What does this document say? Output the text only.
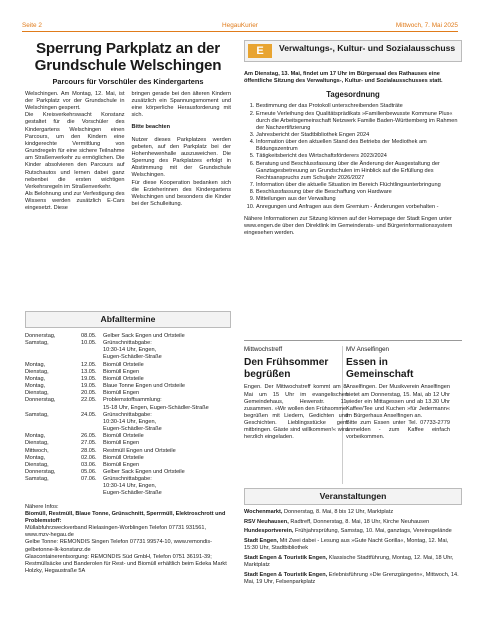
Seite 2	HegauKurier	Mittwoch, 7. Mai 2025
Sperrung Parkplatz an der Grundschule Welschingen
Parcours für Vorschüler des Kindergartens

Welschingen. Am Montag, 12. Mai, ist der Parkplatz vor der Grundschule in Welschingen gesperrt.

Die Kreisverkehrswacht Konstanz gestaltet für die Vorschüler des Kindergartens Welschingen einen Parcours, um den Kindern eine kindgerechte Vermittlung von Grundregeln für eine sichere Teilnahme am Straßenverkehr zu ermöglichen. Die Kinder absolvieren den Parcours auf Rutschautos und lernen dabei ganz nebenbei die ersten wichtigen Verkehrsregeln im Straßenverkehr.

Als Belohnung und zur Verfestigung des Wissens werden zusätzlich E-Cars eingesetzt. Diese

bringen gerade bei den älteren Kindern zusätzlich ein Spannungsmoment und eine körperliche Herausforderung mit sich.

Bitte beachten

Nutzer dieses Parkplatzes werden gebeten, auf den Parkplatz bei der Hohenhewenhalle auszuweichen. Die Sperrung des Parkplatzes erfolgt in Abstimmung mit der Grundschule Welschingen.

Für diese Kooperation bedanken sich die Erzieherinnen des Kindergartens Welschingen und besonders die Kinder bei der Schulleitung.

Abfalltermine
Donnerstag,	08.05.	Gelber Sack Engen und Ortsteile
Samstag,	10.05.	Grünschnittabgabe:
10:30-14 Uhr, Engen,
Eugen-Schädler-Straße
Montag,	12.05.	Biomüll Ortsteile
Dienstag,	13.05.	Biomüll Engen
Montag,	19.05.	Biomüll Ortsteile
Montag,	19.05.	Blaue Tonne Engen und Ortsteile
Dienstag,	20.05.	Biomüll Engen
Donnerstag,	22.05.	Problemstoffsammlung:
15-18 Uhr, Engen, Eugen-Schädler-Straße
Samstag,	24.05.	Grünschnittabgabe:
10:30-14 Uhr, Engen,
Eugen-Schädler-Straße
Montag,	26.05.	Biomüll Ortsteile
Dienstag,	27.05.	Biomüll Engen
Mittwoch,	28.05.	Restmüll Engen und Ortsteile
Montag,	02.06.	Biomüll Ortsteile
Dienstag,	03.06.	Biomüll Engen
Donnerstag,	05.06.	Gelber Sack Engen und Ortsteile
Samstag,	07.06.	Grünschnittabgabe:
10:30-14 Uhr, Engen,
Eugen-Schädler-Straße

Nähere Infos:

Biomüll, Restmüll, Blaue Tonne, Grünschnitt, Sperrmüll, Elektroschrott und Problemstoff:

Müllabfuhrzweckverband Rielasingen-Worblingen Telefon 07731 931561, www.mzv-hegau.de

Gelbe Tonne: REMONDIS Singen Telefon 07731 99574-10, www.remondis-gelbetonne-lk-konstanz.de

Glascontainerentsorgung: REMONDIS Süd GmbH, Telefon 0751 36191-39; Restmüllsäcke und Banderolen für Rest- und Biomüll erhältlich beim Edeka Markt Holzky, Hegaustraße 5A

E	Verwaltungs-, Kultur- und Sozialausschuss

Am Dienstag, 13. Mai, findet um 17 Uhr im Bürgersaal des Rathauses eine öffentliche Sitzung des Verwaltungs-, Kultur- und Sozialausschusses statt.

Tagesordnung
1. Bestimmung der das Protokoll unterschreibenden Stadträte
2. Erneute Verleihung des Qualitätsprädikats »Familienbewusste Kommune Plus« durch die Arbeitsgemeinschaft Netzwerk Familie Baden-Württemberg im Rahmen der Nachzertifizierung
3. Jahresbericht der Stadtbibliothek Engen 2024
4. Information über den aktuellen Stand des Betriebs der Mediothek am Bildungszentrum
5. Tätigkeitsbericht des Wirtschaftsförderers 2023/2024
6. Beratung und Beschlussfassung über die Änderung der Ausgestaltung der Ganztagesbetreuung an Grundschulen im Hinblick auf die Erfüllung des Rechtsanspruchs zum Schuljahr 2026/2027
7. Information über die aktuelle Situation im Bereich Flüchtlingsunterbringung
8. Beschlussfassung über die Beschaffung von Hardware
9. Mitteilungen aus der Verwaltung
10. Anregungen und Anfragen aus dem Gremium - Änderungen vorbehalten -

Nähere Informationen zur Sitzung können auf der Homepage der Stadt Engen unter www.engen.de über den Direktlink im Gemeinderats- und Bürgerinformationssystem eingesehen werden.

Mittwochstreff
Den Frühsommer begrüßen

Engen. Der Mittwochstreff kommt am 8. Mai um 15 Uhr im evangelischen Gemeindehaus, Hewenstr. 11, zusammen. »Wir wollen den Frühsommer begrüßen mit Liedern, Gedichten und Geschichten. Lieblingsstücke gern mitbringen. Gäste sind willkommen!« wird herzlich eingeladen.

MV Anselfingen
Essen in Gemeinschaft

Anselfingen. Der Musikverein Anselfingen bietet am Donnerstag, 15. Mai, ab 12 Uhr wieder ein Mittagessen und ab 13.30 Uhr Kaffee/Tee und Kuchen »für Jedermann« im Bürgerhaus Anselfingen an.

Bitte zum Essen unter Tel. 07733-2779 anmelden - zum Kaffee einfach vorbeikommen.

Veranstaltungen

Wochenmarkt, Donnerstag, 8. Mai, 8 bis 12 Uhr, Marktplatz

RSV Neuhausen, Radtreff, Donnerstag, 8. Mai, 18 Uhr, Kirche Neuhausen

Hundesportverein, Frühjahrsprüfung, Samstag, 10. Mai, ganztags, Vereinsgelände

Stadt Engen, Mit Zwei dabei - Lesung aus »Gute Nacht Gorilla«, Montag, 12. Mai, 15:30 Uhr, Stadtbibliothek

Stadt Engen & Touristik Engen, Klassische Stadtführung, Montag, 12. Mai, 18 Uhr, Marktplatz

Stadt Engen & Touristik Engen, Erlebnisführung »Die Grenzgängerin«, Mittwoch, 14. Mai, 19 Uhr, Felsenparkplatz
